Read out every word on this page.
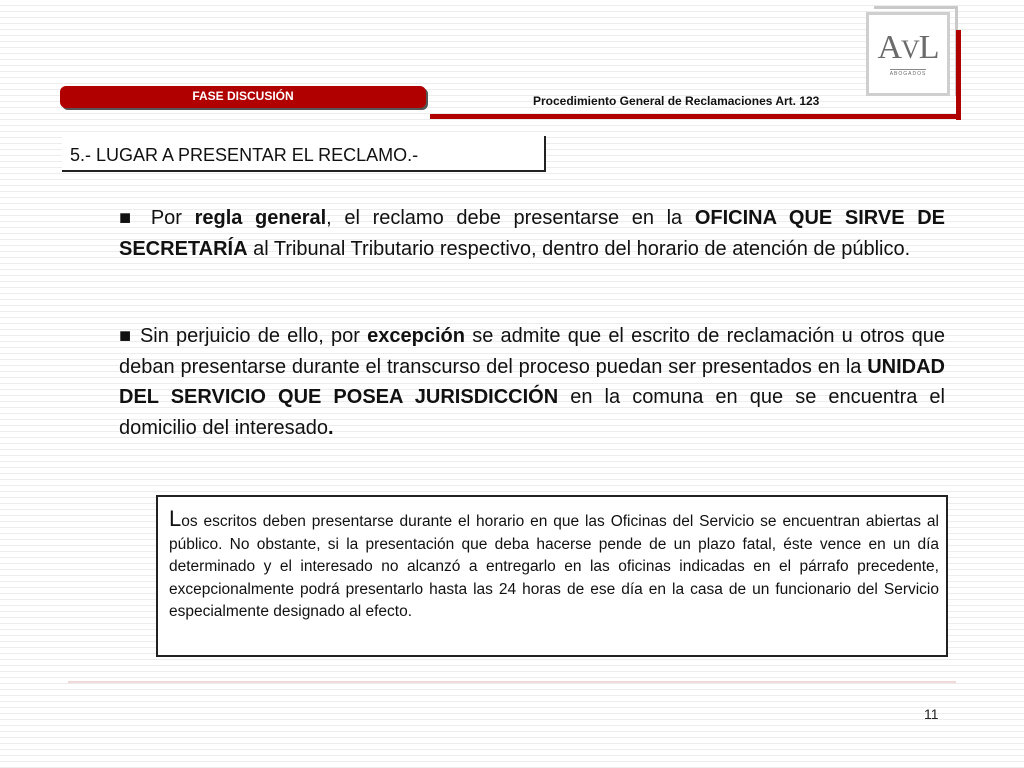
AVL
ABOGADOS
FASE DISCUSIÓN	Procedimiento General de Reclamaciones Art. 123
5.- LUGAR A PRESENTAR EL RECLAMO.-
■ Por regla general, el reclamo debe presentarse en la OFICINA QUE SIRVE DE SECRETARÍA al Tribunal Tributario respectivo, dentro del horario de atención de público.
■ Sin perjuicio de ello, por excepción se admite que el escrito de reclamación u otros que deban presentarse durante el transcurso del proceso puedan ser presentados en la UNIDAD DEL SERVICIO QUE POSEA JURISDICCIÓN en la comuna en que se encuentra el domicilio del interesado.
Los escritos deben presentarse durante el horario en que las Oficinas del Servicio se encuentran abiertas al público. No obstante, si la presentación que deba hacerse pende de un plazo fatal, éste vence en un día determinado y el interesado no alcanzó a entregarlo en las oficinas indicadas en el párrafo precedente, excepcionalmente podrá presentarlo hasta las 24 horas de ese día en la casa de un funcionario del Servicio especialmente designado al efecto.
11
